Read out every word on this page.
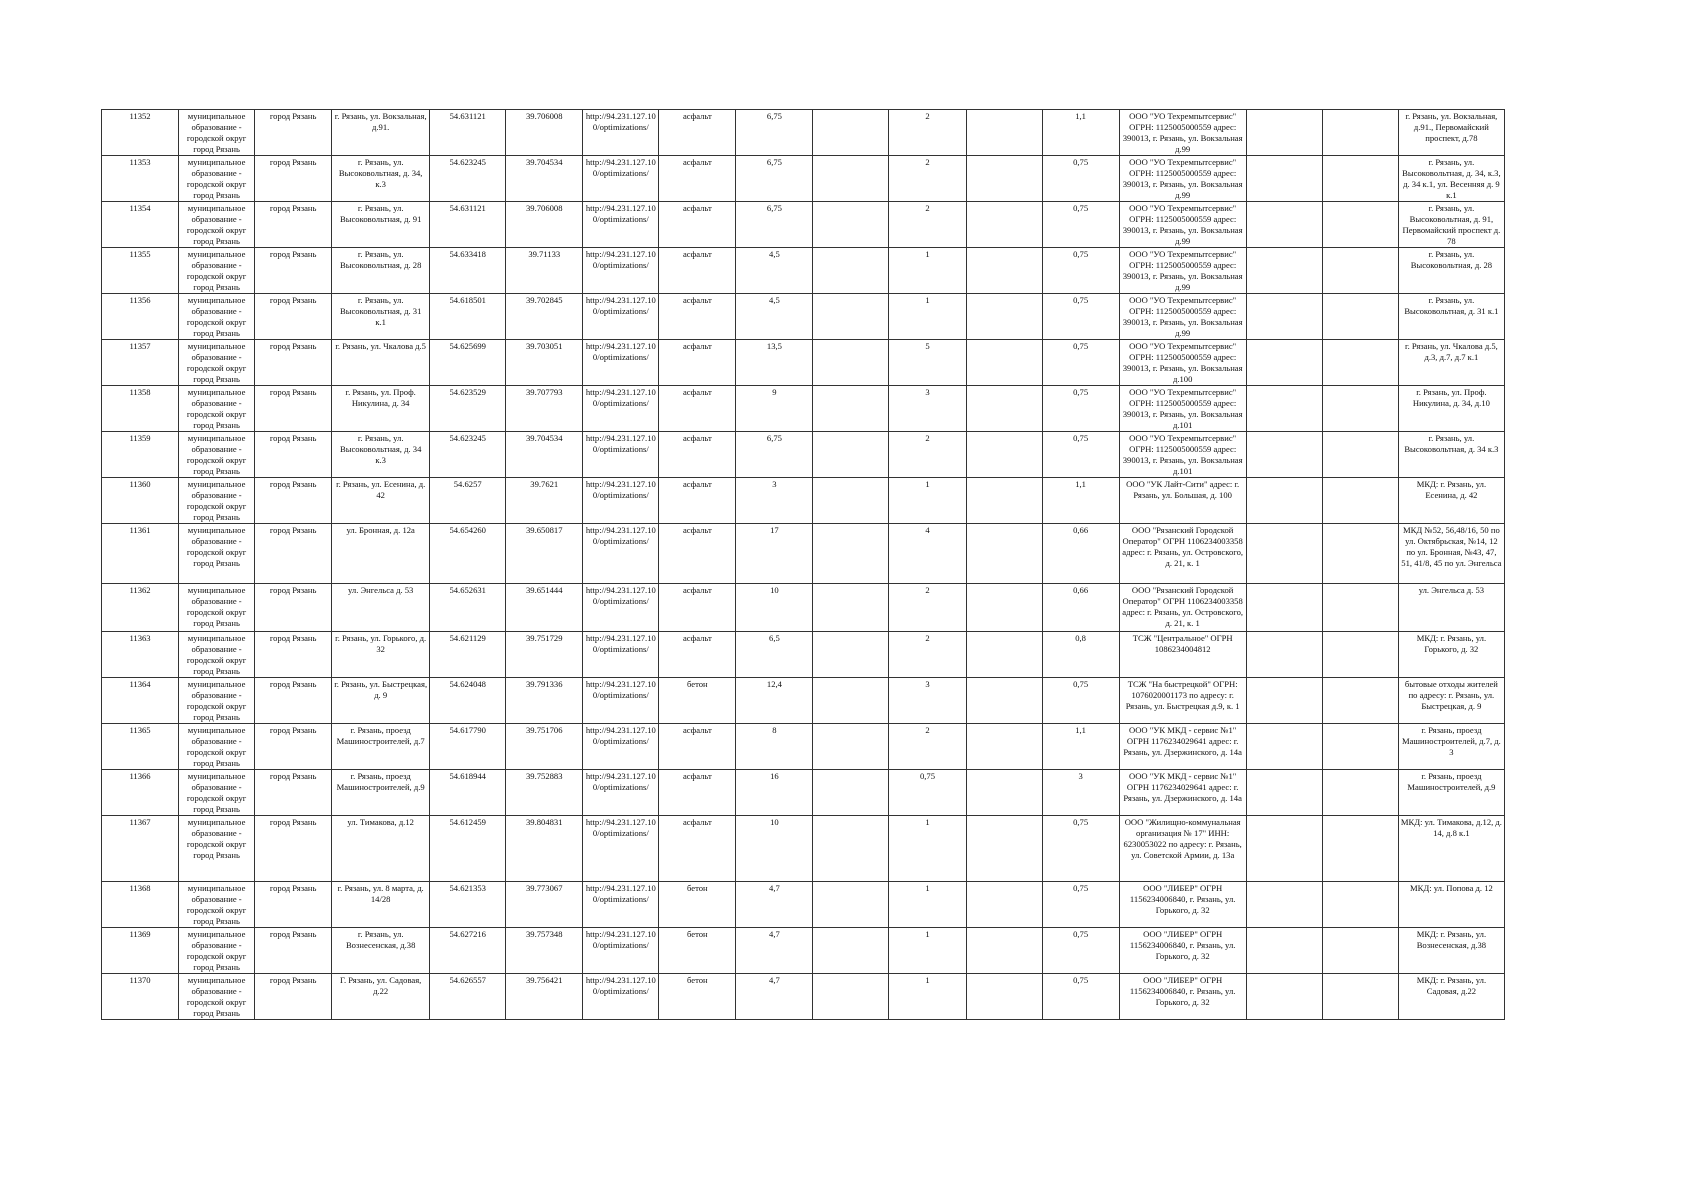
11352	муниципальное образование - городской округ город Рязань	город Рязань	г. Рязань, ул. Вокзальная, д.91.	54.631121	39.706008	http://94.231.127.10 0/optimizations/	асфальт	6,75		2		1,1	ООО "УО Техремпытсервис" ОГРН: 1125005000559 адрес: 390013, г. Рязань, ул. Вокзальная д.99			г. Рязань, ул. Вокзальная, д.91., Первомайский проспект, д.78
11353	муниципальное образование - городской округ город Рязань	город Рязань	г. Рязань, ул. Высоковольтная, д. 34, к.3	54.623245	39.704534	http://94.231.127.10 0/optimizations/	асфальт	6,75		2		0,75	ООО "УО Техремпытсервис" ОГРН: 1125005000559 адрес: 390013, г. Рязань, ул. Вокзальная д.99			г. Рязань, ул. Высоковольтная, д. 34, к.3, д. 34 к.1, ул. Весенняя д. 9 к.1
11354	муниципальное образование - городской округ город Рязань	город Рязань	г. Рязань, ул. Высоковольтная, д. 91	54.631121	39.706008	http://94.231.127.10 0/optimizations/	асфальт	6,75		2		0,75	ООО "УО Техремпытсервис" ОГРН: 1125005000559 адрес: 390013, г. Рязань, ул. Вокзальная д.99			г. Рязань, ул. Высоковольтная, д. 91, Первомайский проспект д. 78
11355	муниципальное образование - городской округ город Рязань	город Рязань	г. Рязань, ул. Высоковольтная, д. 28	54.633418	39.71133	http://94.231.127.10 0/optimizations/	асфальт	4,5		1		0,75	ООО "УО Техремпытсервис" ОГРН: 1125005000559 адрес: 390013, г. Рязань, ул. Вокзальная д.99			г. Рязань, ул. Высоковольтная, д. 28
11356	муниципальное образование - городской округ город Рязань	город Рязань	г. Рязань, ул. Высоковольтная, д. 31 к.1	54.618501	39.702845	http://94.231.127.10 0/optimizations/	асфальт	4,5		1		0,75	ООО "УО Техремпытсервис" ОГРН: 1125005000559 адрес: 390013, г. Рязань, ул. Вокзальная д.99			г. Рязань, ул. Высоковольтная, д. 31 к.1
11357	муниципальное образование - городской округ город Рязань	город Рязань	г. Рязань, ул. Чкалова д.5	54.625699	39.703051	http://94.231.127.10 0/optimizations/	асфальт	13,5		5		0,75	ООО "УО Техремпытсервис" ОГРН: 1125005000559 адрес: 390013, г. Рязань, ул. Вокзальная д.100			г. Рязань, ул. Чкалова д.5, д.3, д.7, д.7 к.1
11358	муниципальное образование - городской округ город Рязань	город Рязань	г. Рязань, ул. Проф. Никулина, д. 34	54.623529	39.707793	http://94.231.127.10 0/optimizations/	асфальт	9		3		0,75	ООО "УО Техремпытсервис" ОГРН: 1125005000559 адрес: 390013, г. Рязань, ул. Вокзальная д.101			г. Рязань, ул. Проф. Никулина, д. 34, д.10
11359	муниципальное образование - городской округ город Рязань	город Рязань	г. Рязань, ул. Высоковольтная, д. 34 к.3	54.623245	39.704534	http://94.231.127.10 0/optimizations/	асфальт	6,75		2		0,75	ООО "УО Техремпытсервис" ОГРН: 1125005000559 адрес: 390013, г. Рязань, ул. Вокзальная д.101			г. Рязань, ул. Высоковольтная, д. 34 к.3
11360	муниципальное образование - городской округ город Рязань	город Рязань	г. Рязань, ул. Есенина, д. 42	54.6257	39.7621	http://94.231.127.10 0/optimizations/	асфальт	3		1		1,1	ООО "УК Лайт-Сити" адрес: г. Рязань, ул. Большая, д. 100			МКД: г. Рязань, ул. Есенина, д. 42
11361	муниципальное образование - городской округ город Рязань	город Рязань	ул. Бронная, д. 12а	54.654260	39.650817	http://94.231.127.10 0/optimizations/	асфальт	17		4		0,66	ООО "Рязанский Городской Оператор" ОГРН 1106234003358 адрес: г. Рязань, ул. Островского, д. 21, к. 1			МКД №52, 56,48/16, 50 по ул. Октябрьская, №14, 12 по ул. Бронная, №43, 47, 51, 41/8, 45 по ул. Энгельса
11362	муниципальное образование - городской округ город Рязань	город Рязань	ул. Энгельса д. 53	54.652631	39.651444	http://94.231.127.10 0/optimizations/	асфальт	10		2		0,66	ООО "Рязанский Городской Оператор" ОГРН 1106234003358 адрес: г. Рязань, ул. Островского, д. 21, к. 1			ул. Энгельса д. 53
11363	муниципальное образование - городской округ город Рязань	город Рязань	г. Рязань, ул. Горького, д. 32	54.621129	39.751729	http://94.231.127.10 0/optimizations/	асфальт	6,5		2		0,8	ТСЖ "Центральное" ОГРН 1086234004812			МКД: г. Рязань, ул. Горького, д. 32
11364	муниципальное образование - городской округ город Рязань	город Рязань	г. Рязань, ул. Быстрецкая, д. 9	54.624048	39.791336	http://94.231.127.10 0/optimizations/	бетон	12,4		3		0,75	ТСЖ "На быстрецкой" ОГРН: 1076020001173 по адресу: г. Рязань, ул. Быстрецкая д.9, к. 1			бытовые отходы жителей по адресу: г. Рязань, ул. Быстрецкая, д. 9
11365	муниципальное образование - городской округ город Рязань	город Рязань	г. Рязань, проезд Машиностроителей, д.7	54.617790	39.751706	http://94.231.127.10 0/optimizations/	асфальт	8		2		1,1	ООО "УК МКД - сервис №1" ОГРН 1176234029641 адрес: г. Рязань, ул. Дзержинского, д. 14а			г. Рязань, проезд Машиностроителей, д.7, д. 3
11366	муниципальное образование - городской округ город Рязань	город Рязань	г. Рязань, проезд Машиностроителей, д.9	54.618944	39.752883	http://94.231.127.10 0/optimizations/	асфальт	16		0,75		3	ООО "УК МКД - сервис №1" ОГРН 1176234029641 адрес: г. Рязань, ул. Дзержинского, д. 14а			г. Рязань, проезд Машиностроителей, д.9
11367	муниципальное образование - городской округ город Рязань	город Рязань	ул. Тимакова, д.12	54.612459	39.804831	http://94.231.127.10 0/optimizations/	асфальт	10		1		0,75	ООО "Жилищно-коммунальная организация № 17" ИНН: 6230053022 по адресу: г. Рязань, ул. Советской Армии, д. 13а			МКД: ул. Тимакова, д.12, д. 14, д.8 к.1
11368	муниципальное образование - городской округ город Рязань	город Рязань	г. Рязань, ул. 8 марта, д. 14/28	54.621353	39.773067	http://94.231.127.10 0/optimizations/	бетон	4,7		1		0,75	ООО "ЛИБЕР" ОГРН 1156234006840, г. Рязань, ул. Горького, д. 32			МКД: ул. Попова д. 12
11369	муниципальное образование - городской округ город Рязань	город Рязань	г. Рязань, ул. Вознесенская, д.38	54.627216	39.757348	http://94.231.127.10 0/optimizations/	бетон	4,7		1		0,75	ООО "ЛИБЕР" ОГРН 1156234006840, г. Рязань, ул. Горького, д. 32			МКД: г. Рязань, ул. Вознесенская, д.38
11370	муниципальное образование - городской округ город Рязань	город Рязань	Г. Рязань, ул. Садовая, д.22	54.626557	39.756421	http://94.231.127.10 0/optimizations/	бетон	4,7		1		0,75	ООО "ЛИБЕР" ОГРН 1156234006840, г. Рязань, ул. Горького, д. 32			МКД: г. Рязань, ул. Садовая, д.22
